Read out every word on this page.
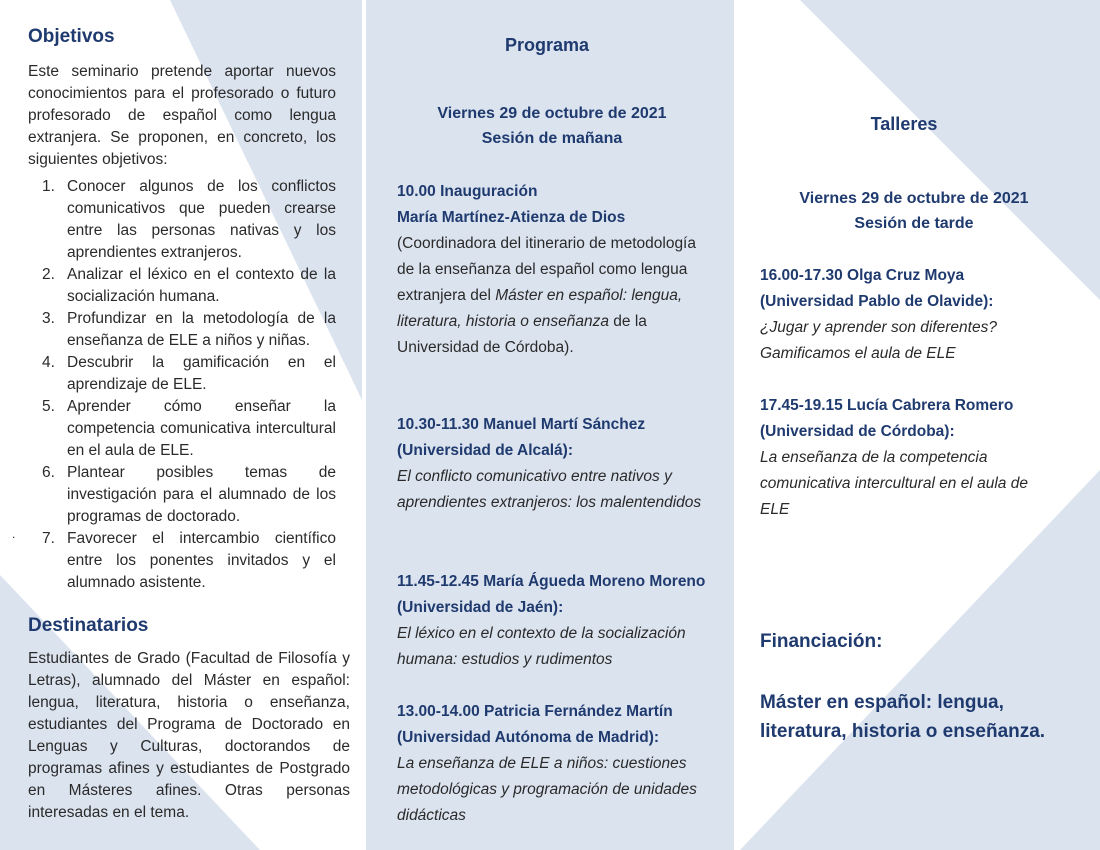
Objetivos
Este seminario pretende aportar nuevos conocimientos para el profesorado o futuro profesorado de español como lengua extranjera. Se proponen, en concreto, los siguientes objetivos:
1. Conocer algunos de los conflictos comunicativos que pueden crearse entre las personas nativas y los aprendientes extranjeros.
2. Analizar el léxico en el contexto de la socialización humana.
3. Profundizar en la metodología de la enseñanza de ELE a niños y niñas.
4. Descubrir la gamificación en el aprendizaje de ELE.
5. Aprender cómo enseñar la competencia comunicativa intercultural en el aula de ELE.
6. Plantear posibles temas de investigación para el alumnado de los programas de doctorado.
7. Favorecer el intercambio científico entre los ponentes invitados y el alumnado asistente.
.
Destinatarios
Estudiantes de Grado (Facultad de Filosofía y Letras), alumnado del Máster en español: lengua, literatura, historia o enseñanza, estudiantes del Programa de Doctorado en Lenguas y Culturas, doctorandos de programas afines y estudiantes de Postgrado en Másteres afines. Otras personas interesadas en el tema.
Programa
Viernes 29 de octubre de 2021
Sesión de mañana
10.00 Inauguración
María Martínez-Atienza de Dios
(Coordinadora del itinerario de metodología de la enseñanza del español como lengua extranjera del Máster en español: lengua, literatura, historia o enseñanza de la Universidad de Córdoba).
10.30-11.30 Manuel Martí Sánchez (Universidad de Alcalá):
El conflicto comunicativo entre nativos y aprendientes extranjeros: los malentendidos
11.45-12.45 María Águeda Moreno Moreno (Universidad de Jaén):
El léxico en el contexto de la socialización humana: estudios y rudimentos
13.00-14.00 Patricia Fernández Martín (Universidad Autónoma de Madrid):
La enseñanza de ELE a niños: cuestiones metodológicas y programación de unidades didácticas
Talleres
Viernes 29 de octubre de 2021
Sesión de tarde
16.00-17.30 Olga Cruz Moya (Universidad Pablo de Olavide):
¿Jugar y aprender son diferentes? Gamificamos el aula de ELE
17.45-19.15 Lucía Cabrera Romero (Universidad de Córdoba):
La enseñanza de la competencia comunicativa intercultural en el aula de ELE
Financiación:
Máster en español: lengua, literatura, historia o enseñanza.
